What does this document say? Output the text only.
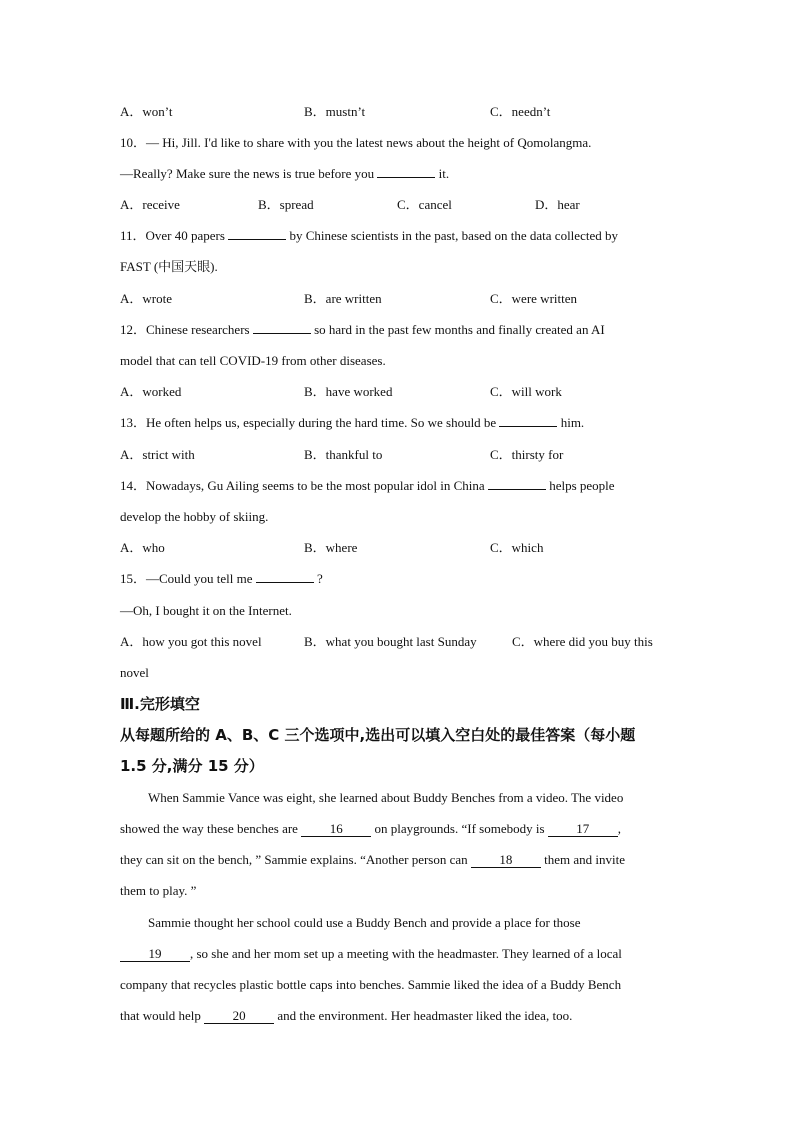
A．won’t	B．mustn’t	C．needn’t
10．— Hi, Jill. I'd like to share with you the latest news about the height of Qomolangma.
—Really? Make sure the news is true before you	it.
A．receive	B．spread	C．cancel	D．hear
11．Over 40 papers	by Chinese scientists in the past, based on the data collected by
FAST (中国天眼).
A．wrote	B．are written	C．were written
12．Chinese researchers	so hard in the past few months and finally created an AI
model that can tell COVID-19 from other diseases.
A．worked	B．have worked	C．will work
13．He often helps us, especially during the hard time. So we should be	him.
A．strict with	B．thankful to	C．thirsty for
14．Nowadays, Gu Ailing seems to be the most popular idol in China	helps people
develop the hobby of skiing.
A．who	B．where	C．which
15．—Could you tell me	?
—Oh, I bought it on the Internet.
A．how you got this novel	B．what you bought last Sunday	C．where did you buy this
novel
Ⅲ.完形填空
从每题所给的 A、B、C 三个选项中,选出可以填入空白处的最佳答案（每小题
1.5 分,满分 15 分）
When Sammie Vance was eight, she learned about Buddy Benches from a video. The video
showed the way these benches are 16 on playgrounds. “If somebody is 17 ,
they can sit on the bench, ” Sammie explains. “Another person can 18 them and invite
them to play. ”
Sammie thought her school could use a Buddy Bench and provide a place for those
19 , so she and her mom set up a meeting with the headmaster. They learned of a local
company that recycles plastic bottle caps into benches. Sammie liked the idea of a Buddy Bench
that would help 20 and the environment. Her headmaster liked the idea, too.
